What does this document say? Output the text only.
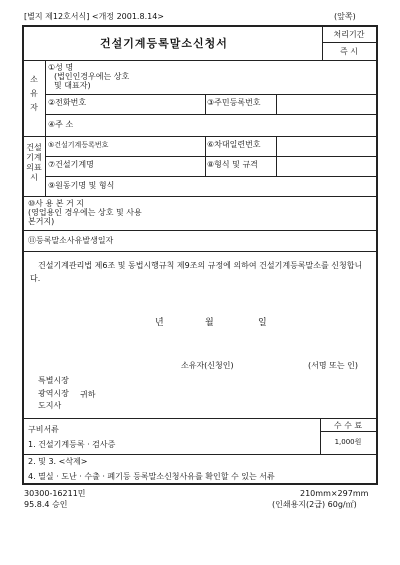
[별지 제12호서식] <개정 2001.8.14>	(앞쪽)
건설기계등록말소신청서
처리기간
즉 시
소 유 자
①성 명
(법인인경우에는 상호 및 대표자)
②전화번호	③주민등록번호
④주 소
건설기계의표시
⑤건설기계등록번호	⑥차대일련번호
⑦건설기계명	⑧형식 및 규격
⑨원동기명 및 형식
⑩사 용 본 거 지
(영업용인 경우에는 상호 및 사용본거지)
⑪등록말소사유발생일자
건설기계관리법 제6조 및 동법시행규칙 제9조의 규정에 의하여 건설기계등록말소를 신청합니다.
년	월	일
소유자(신청인)	(서명 또는 인)
특별시장
광역시장
도지사
귀하
구비서류
1. 건설기계등록 · 검사증
2. 및 3. <삭제>
4. 멸실 · 도난 · 수출 · 폐기등 등록말소신청사유를 확인할 수 있는 서류
수 수 료
1,000원
30300-16211민
95.8.4 승인
210mm×297mm
(인쇄용지(2급) 60g/㎡)
